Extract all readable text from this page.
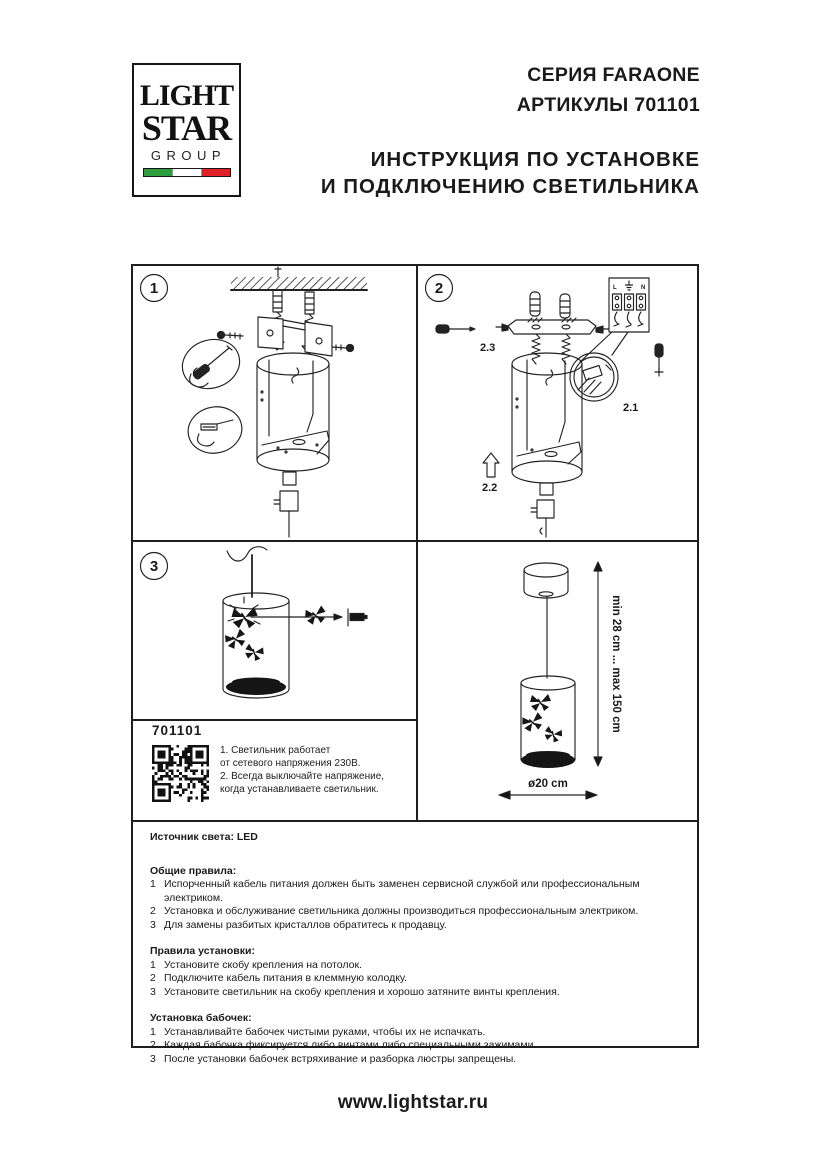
LIGHT
STAR
GROUP
СЕРИЯ FARAONE
АРТИКУЛЫ 701101
ИНСТРУКЦИЯ ПО УСТАНОВКЕ
И ПОДКЛЮЧЕНИЮ СВЕТИЛЬНИКА
1	2
2.3
2.2
2.1
L	N
3
701101
1. Светильник работает
от сетевого напряжения 230В.
2. Всегда выключайте напряжение,
когда устанавливаете светильник.
min 28 cm ... max 150 cm
ø20 cm
Источник света: LED
Общие правила:
1 Испорченный кабель питания должен быть заменен сервисной службой или профессиональным электриком.
2 Установка и обслуживание светильника должны производиться профессиональным электриком.
3 Для замены разбитых кристаллов обратитесь к продавцу.
Правила установки:
1 Установите скобу крепления на потолок.
2 Подключите кабель питания в клеммную колодку.
3 Установите светильник на скобу крепления и хорошо затяните винты крепления.
Установка бабочек:
1 Устанавливайте бабочек чистыми руками, чтобы их не испачкать.
2 Каждая бабочка фиксируется либо винтами либо специальными зажимами.
3 После установки бабочек встряхивание и разборка люстры запрещены.
www.lightstar.ru
